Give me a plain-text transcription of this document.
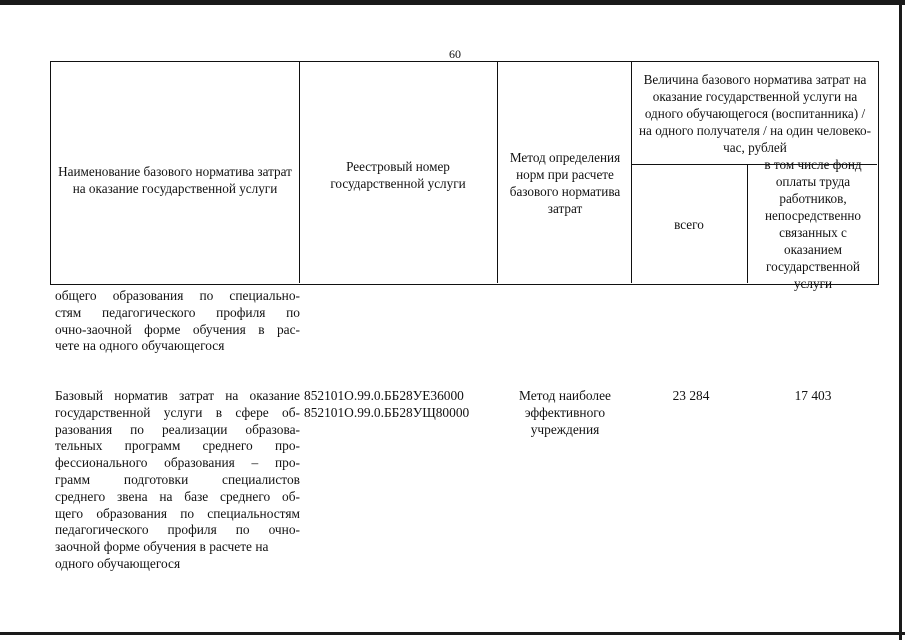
60
Наименование базового норматива затрат на оказание государственной услуги
Реестровый номер государственной услуги
Метод определения норм при расчете базового норматива затрат
Величина базового норматива затрат на оказание государственной услуги на одного обучающегося (воспитанника) / на одного получателя / на один человеко-час, рублей
всего
в том числе фонд оплаты труда работников, непосредственно связанных с оказанием государственной услуги
общего образования по специально-
стям педагогического профиля по
очно-заочной форме обучения в рас-
чете на одного обучающегося
Базовый норматив затрат на оказание
государственной услуги в сфере об-
разования по реализации образова-
тельных программ среднего про-
фессионального образования – про-
грамм подготовки специалистов
среднего звена на базе среднего об-
щего образования по специальностям
педагогического профиля по очно-
заочной форме обучения в расчете на
одного обучающегося
852101О.99.0.ББ28УЕ36000
852101О.99.0.ББ28УЩ80000
Метод наиболее
эффективного
учреждения
23 284	17 403
